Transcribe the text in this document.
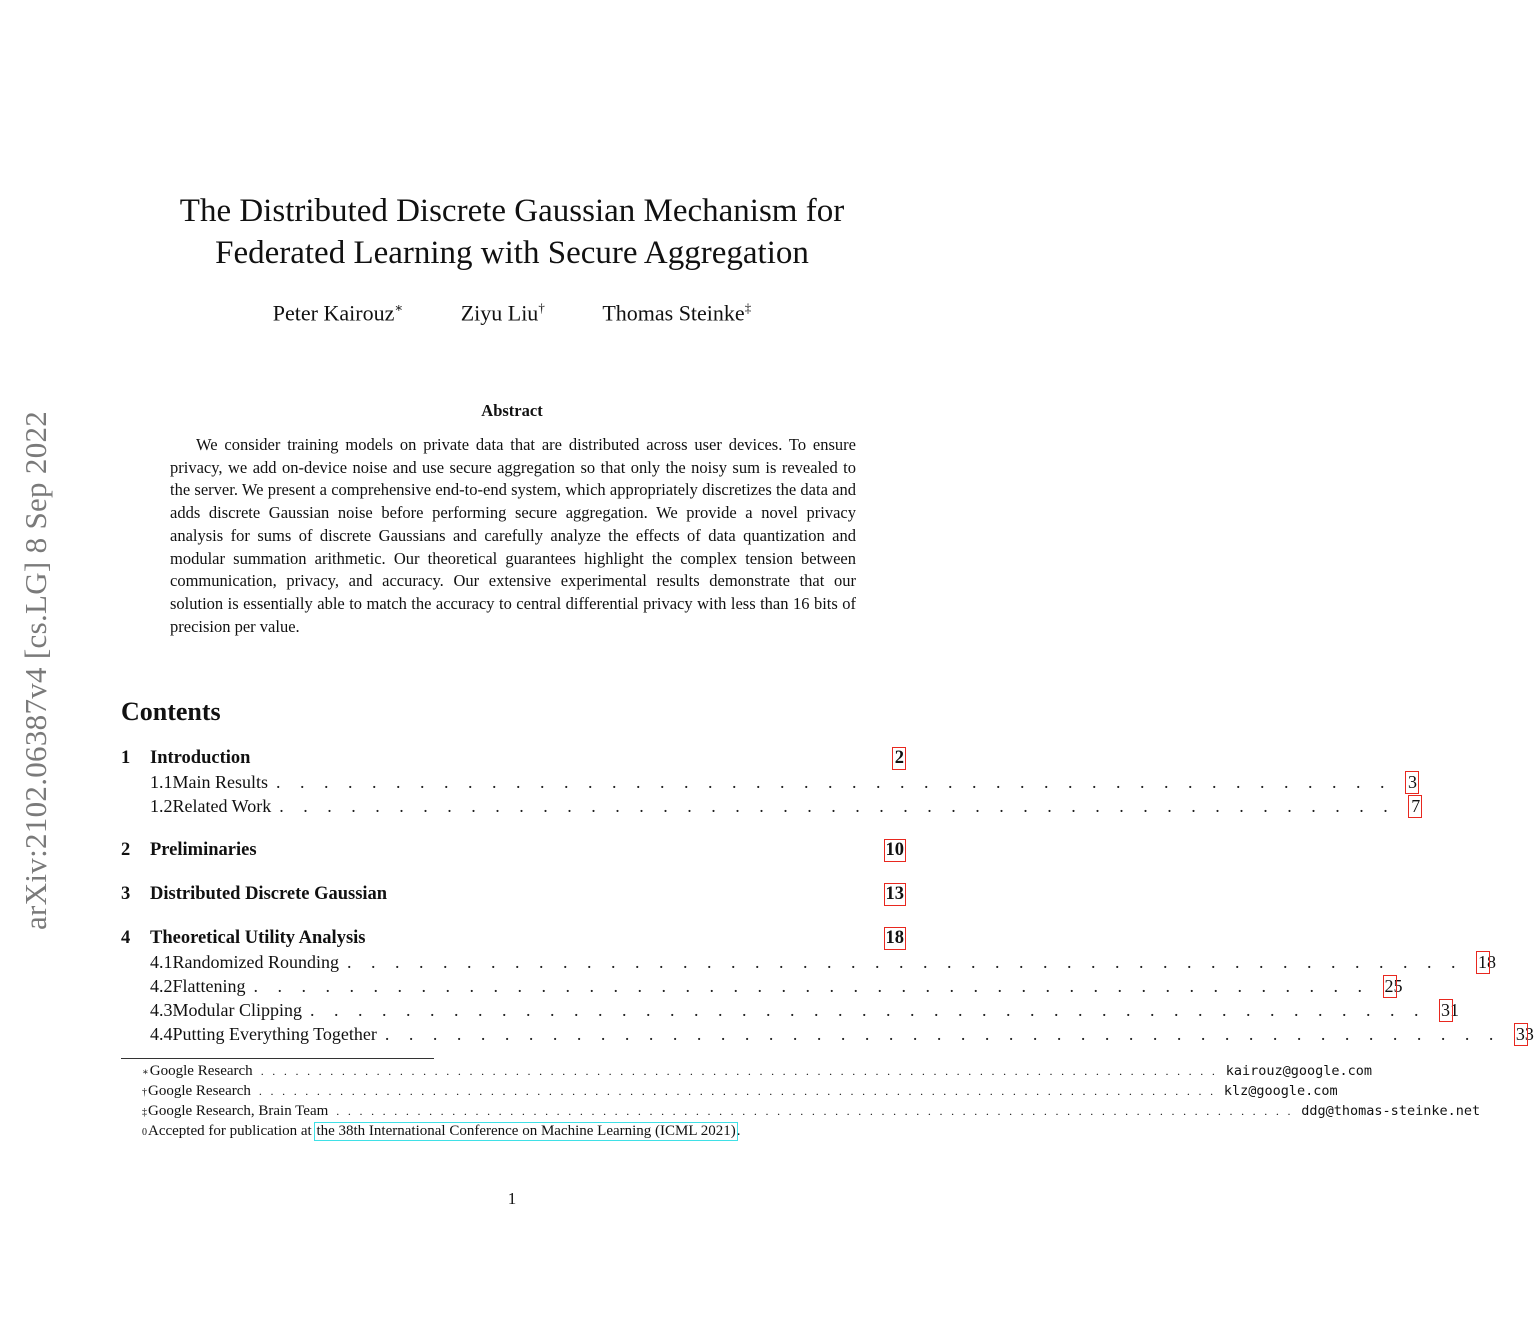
arXiv:2102.06387v4 [cs.LG] 8 Sep 2022
The Distributed Discrete Gaussian Mechanism for
Federated Learning with Secure Aggregation
Peter Kairouz∗	Ziyu Liu†	Thomas Steinke‡
Abstract

We consider training models on private data that are distributed across user devices. To ensure privacy, we add on-device noise and use secure aggregation so that only the noisy sum is revealed to the server. We present a comprehensive end-to-end system, which appropriately discretizes the data and adds discrete Gaussian noise before performing secure aggregation. We provide a novel privacy analysis for sums of discrete Gaussians and carefully analyze the effects of data quantization and modular summation arithmetic. Our theoretical guarantees highlight the complex tension between communication, privacy, and accuracy. Our extensive experimental results demonstrate that our solution is essentially able to match the accuracy to central differential privacy with less than 16 bits of precision per value.

Contents
1	Introduction	2
1.1 Main Results . . . . . . . . . . . . . . . . . . . . . . . . . . . . . . . . . . . . . . . . . . . . . . . 3
1.2 Related Work . . . . . . . . . . . . . . . . . . . . . . . . . . . . . . . . . . . . . . . . . . . . . . . 7
2	Preliminaries	10
3	Distributed Discrete Gaussian	13
4	Theoretical Utility Analysis	18
4.1 Randomized Rounding . . . . . . . . . . . . . . . . . . . . . . . . . . . . . . . . . . . . . . . . . . . . . . . 18
4.2 Flattening . . . . . . . . . . . . . . . . . . . . . . . . . . . . . . . . . . . . . . . . . . . . . . . 25
4.3 Modular Clipping . . . . . . . . . . . . . . . . . . . . . . . . . . . . . . . . . . . . . . . . . . . . . . . 31
4.4 Putting Everything Together . . . . . . . . . . . . . . . . . . . . . . . . . . . . . . . . . . . . . . . . . . . . . . . 33
∗ Google Research . . . . . . . . . . . . . . . . . . . . . . . . . . . . . . . . . . . . . . . . . . . . . . . . . . . . . . . . . . . . . . . . . . . . . . . . . . . . . . . . . . . kairouz@google.com
† Google Research . . . . . . . . . . . . . . . . . . . . . . . . . . . . . . . . . . . . . . . . . . . . . . . . . . . . . . . . . . . . . . . . . . . . . . . . . . . . . . . . . . . klz@google.com
‡ Google Research, Brain Team . . . . . . . . . . . . . . . . . . . . . . . . . . . . . . . . . . . . . . . . . . . . . . . . . . . . . . . . . . . . . . . . . . . . . . . . . . . . . . . . . . . ddg@thomas-steinke.net
0 Accepted for publication at the 38th International Conference on Machine Learning (ICML 2021) .
1
